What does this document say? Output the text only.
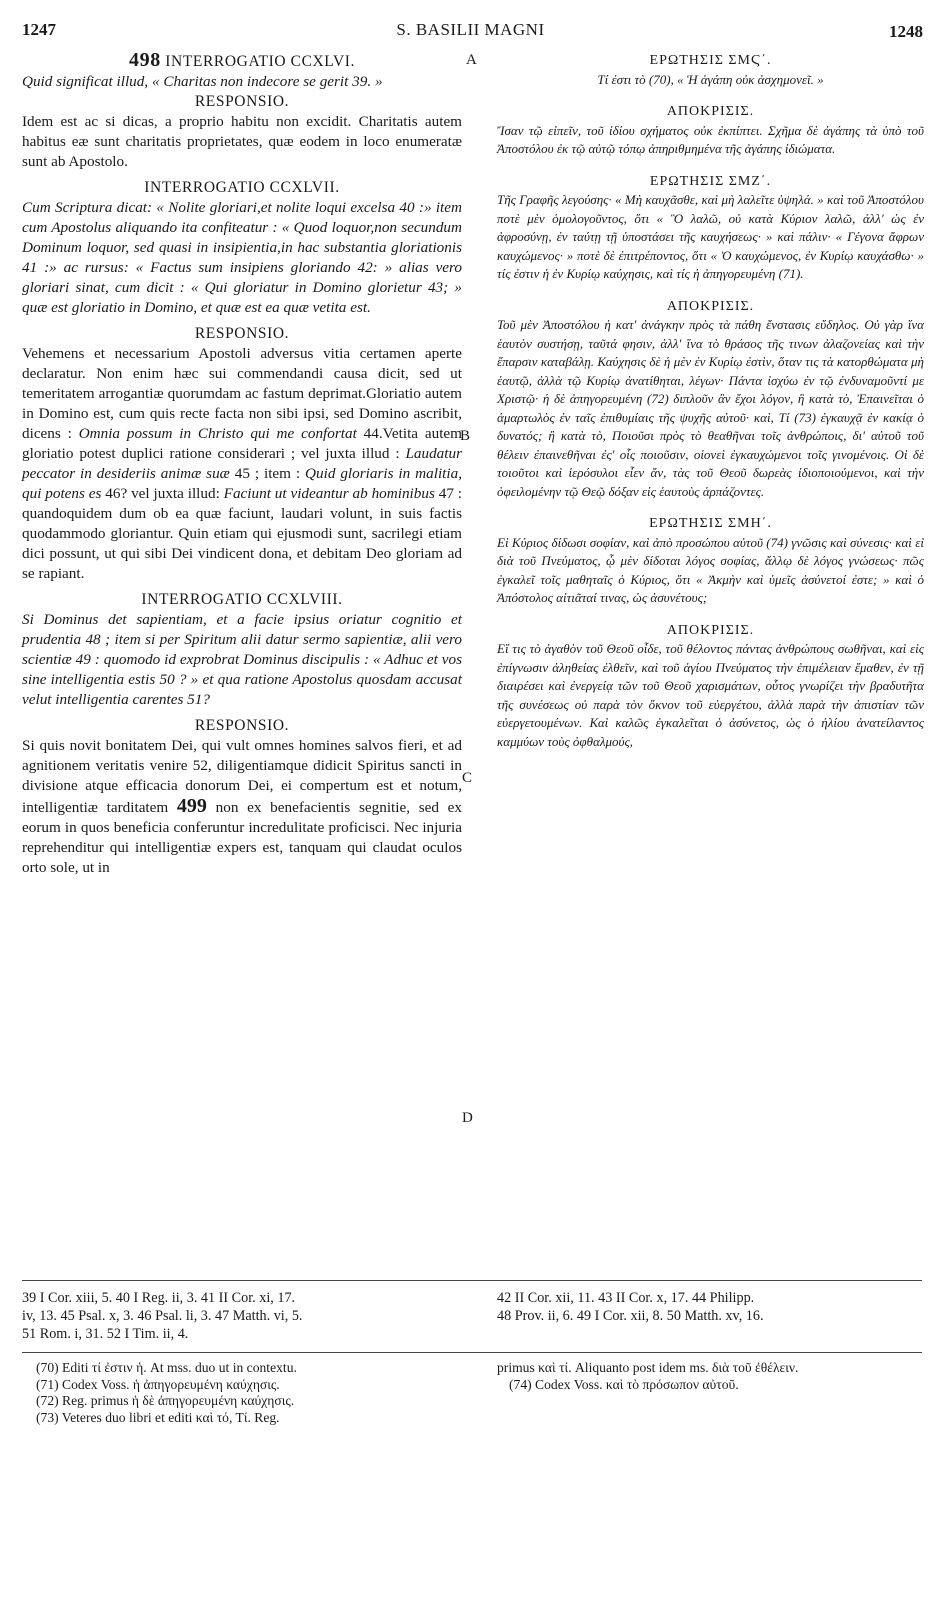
1247	S. BASILII MAGNI	1248
A
B
C
D
498 INTERROGATIO CCXLVI.
Quid significat illud, « Charitas non indecore se gerit 39. »
RESPONSIO.
Idem est ac si dicas, a proprio habitu non excidit. Charitatis autem habitus eæ sunt charitatis proprietates, quæ eodem in loco enumeratæ sunt ab Apostolo.
INTERROGATIO CCXLVII.
Cum Scriptura dicat: « Nolite gloriari,et nolite loqui excelsa 40 :» item cum Apostolus aliquando ita confiteatur : « Quod loquor,non secundum Dominum loquor, sed quasi in insipientia,in hac substantia gloriationis 41 :» ac rursus: « Factus sum insipiens gloriando 42: » alias vero gloriari sinat, cum dicit : « Qui gloriatur in Domino glorietur 43; » quæ est gloriatio in Domino, et quæ est ea quæ vetita est.
RESPONSIO.
Vehemens et necessarium Apostoli adversus vitia certamen aperte declaratur. Non enim hæc sui commendandi causa dicit, sed ut temeritatem arrogantiæ quorumdam ac fastum deprimat.Gloriatio autem in Domino est, cum quis recte facta non sibi ipsi, sed Domino ascribit, dicens : Omnia possum in Christo qui me confortat 44.Vetita autem gloriatio potest duplici ratione considerari ; vel juxta illud : Laudatur peccator in desideriis animæ suæ 45 ; item : Quid gloriaris in malitia, qui potens es 46? vel juxta illud: Faciunt ut videantur ab hominibus 47 : quandoquidem dum ob ea quæ faciunt, laudari volunt, in suis factis quodammodo gloriantur. Quin etiam qui ejusmodi sunt, sacrilegi etiam dici possunt, ut qui sibi Dei vindicent dona, et debitam Deo gloriam ad se rapiant.
INTERROGATIO CCXLVIII.
Si Dominus det sapientiam, et a facie ipsius oriatur cognitio et prudentia 48 ; item si per Spiritum alii datur sermo sapientiæ, alii vero scientiæ 49 : quomodo id exprobrat Dominus discipulis : « Adhuc et vos sine intelligentia estis 50 ? » et qua ratione Apostolus quosdam accusat velut intelligentia carentes 51?
RESPONSIO.
Si quis novit bonitatem Dei, qui vult omnes homines salvos fieri, et ad agnitionem veritatis venire 52, diligentiamque didicit Spiritus sancti in divisione atque efficacia donorum Dei, ei compertum est et notum, intelligentiæ tarditatem 499 non ex benefacientis segnitie, sed ex eorum in quos beneficia conferuntur incredulitate proficisci. Nec injuria reprehenditur qui intelligentiæ expers est, tanquam qui claudat oculos orto sole, ut in
ΕΡΩΤΗΣΙΣ ΣΜϚ΄.
Τί ἐστι τὸ (70), « Ἡ ἀγάπη οὐκ ἀσχημονεῖ. »
ΑΠΟΚΡΙΣΙΣ.
Ἴσαν τῷ εἰπεῖν, τοῦ ἰδίου σχήματος οὐκ ἐκπίπτει. Σχῆμα δὲ ἀγάπης τὰ ὑπὸ τοῦ Ἀποστόλου ἐκ τῷ αὐτῷ τόπῳ ἀπηριθμημένα τῆς ἀγάπης ἰδιώματα.
ΕΡΩΤΗΣΙΣ ΣΜΖ΄.
Τῆς Γραφῆς λεγούσης· « Μὴ καυχᾶσθε, καὶ μὴ λαλεῖτε ὑψηλά. » καὶ τοῦ Ἀποστόλου ποτὲ μὲν ὁμολογοῦντος, ὅτι « Ὃ λαλῶ, οὐ κατὰ Κύριον λαλῶ, ἀλλ' ὡς ἐν ἀφροσύνῃ, ἐν ταύτῃ τῇ ὑποστάσει τῆς καυχήσεως· » καὶ πάλιν· « Γέγονα ἄφρων καυχώμενος· » ποτὲ δὲ ἐπιτρέποντος, ὅτι « Ὁ καυχώμενος, ἐν Κυρίῳ καυχάσθω· » τίς ἐστιν ἡ ἐν Κυρίῳ καύχησις, καὶ τίς ἡ ἀπηγορευμένη (71).
ΑΠΟΚΡΙΣΙΣ.
Τοῦ μὲν Ἀποστόλου ἡ κατ' ἀνάγκην πρὸς τὰ πάθη ἔνστασις εὔδηλος. Οὐ γὰρ ἵνα ἑαυτὸν συστήσῃ, ταῦτά φησιν, ἀλλ' ἵνα τὸ θράσος τῆς τινων ἀλαζονείας καὶ τὴν ἔπαρσιν καταβάλῃ. Καύχησις δὲ ἡ μὲν ἐν Κυρίῳ ἐστὶν, ὅταν τις τὰ κατορθώματα μὴ ἑαυτῷ, ἀλλὰ τῷ Κυρίῳ ἀνατίθηται, λέγων· Πάντα ἰσχύω ἐν τῷ ἐνδυναμοῦντί με Χριστῷ· ἡ δὲ ἀπηγορευμένη (72) διπλοῦν ἂν ἔχοι λόγον, ἢ κατὰ τὸ, Ἐπαινεῖται ὁ ἁμαρτωλὸς ἐν ταῖς ἐπιθυμίαις τῆς ψυχῆς αὐτοῦ· καὶ, Τί (73) ἐγκαυχᾷ ἐν κακίᾳ ὁ δυνατός; ἢ κατὰ τὸ, Ποιοῦσι πρὸς τὸ θεαθῆναι τοῖς ἀνθρώποις, δι' αὐτοῦ τοῦ θέλειν ἐπαινεθῆναι ἐς' οἷς ποιοῦσιν, οἱονεὶ ἐγκαυχώμενοι τοῖς γινομένοις. Οἱ δὲ τοιοῦτοι καὶ ἱερόσυλοι εἶεν ἄν, τὰς τοῦ Θεοῦ δωρεὰς ἰδιοποιούμενοι, καὶ τὴν ὀφειλομένην τῷ Θεῷ δόξαν εἰς ἑαυτοὺς ἁρπάζοντες.
ΕΡΩΤΗΣΙΣ ΣΜΗ΄.
Εἰ Κύριος δίδωσι σοφίαν, καὶ ἀπὸ προσώπου αὐτοῦ (74) γνῶσις καὶ σύνεσις· καὶ εἰ διὰ τοῦ Πνεύματος, ᾧ μὲν δίδοται λόγος σοφίας, ἄλλῳ δὲ λόγος γνώσεως· πῶς ἐγκαλεῖ τοῖς μαθηταῖς ὁ Κύριος, ὅτι « Ἀκμὴν καὶ ὑμεῖς ἀσύνετοί ἐστε; » καὶ ὁ Ἀπόστολος αἰτιᾶταί τινας, ὡς ἀσυνέτους;
ΑΠΟΚΡΙΣΙΣ.
Εἴ τις τὸ ἀγαθὸν τοῦ Θεοῦ οἶδε, τοῦ θέλοντος πάντας ἀνθρώπους σωθῆναι, καὶ εἰς ἐπίγνωσιν ἀληθείας ἐλθεῖν, καὶ τοῦ ἁγίου Πνεύματος τὴν ἐπιμέλειαν ἔμαθεν, ἐν τῇ διαιρέσει καὶ ἐνεργείᾳ τῶν τοῦ Θεοῦ χαρισμάτων, οὗτος γνωρίζει τὴν βραδυτῆτα τῆς συνέσεως οὐ παρὰ τὸν ὄκνον τοῦ εὐεργέτου, ἀλλὰ παρὰ τὴν ἀπιστίαν τῶν εὐεργετουμένων. Καὶ καλῶς ἐγκαλεῖται ὁ ἀσύνετος, ὡς ὁ ἡλίου ἀνατείλαντος καμμύων τοὺς ὀφθαλμούς,
39 I Cor. xiii, 5. 40 I Reg. ii, 3. 41 II Cor. xi, 17.	42 II Cor. xii, 11. 43 II Cor. x, 17. 44 Philipp.
iv, 13. 45 Psal. x, 3. 46 Psal. li, 3. 47 Matth. vi, 5.	48 Prov. ii, 6. 49 I Cor. xii, 8. 50 Matth. xv, 16.
51 Rom. i, 31. 52 I Tim. ii, 4.
(70) Editi τί ἐστιν ἡ. At mss. duo ut in contextu.
(71) Codex Voss. ἡ ἀπηγορευμένη καύχησις.
(72) Reg. primus ἡ δὲ ἀπηγορευμένη καύχησις.
(73) Veteres duo libri et editi καὶ τό, Τί. Reg.
primus καὶ τί. Aliquanto post idem ms. διὰ τοῦ ἐθέλειν.
(74) Codex Voss. καὶ τὸ πρόσωπον αὐτοῦ.
